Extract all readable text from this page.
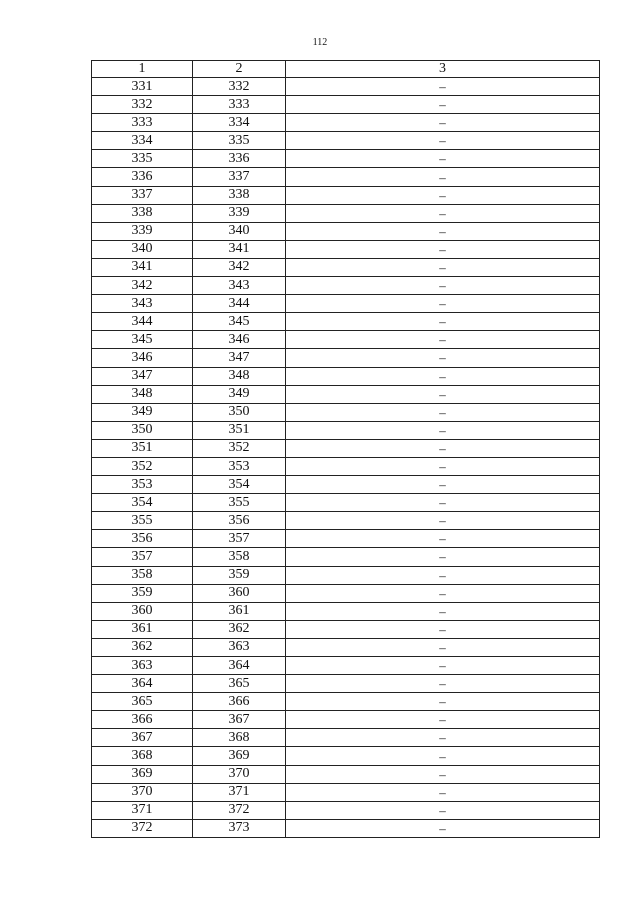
112
1	2	3
331	332	–
332	333	–
333	334	–
334	335	–
335	336	–
336	337	–
337	338	–
338	339	–
339	340	–
340	341	–
341	342	–
342	343	–
343	344	–
344	345	–
345	346	–
346	347	–
347	348	–
348	349	–
349	350	–
350	351	–
351	352	–
352	353	–
353	354	–
354	355	–
355	356	–
356	357	–
357	358	–
358	359	–
359	360	–
360	361	–
361	362	–
362	363	–
363	364	–
364	365	–
365	366	–
366	367	–
367	368	–
368	369	–
369	370	–
370	371	–
371	372	–
372	373	–
